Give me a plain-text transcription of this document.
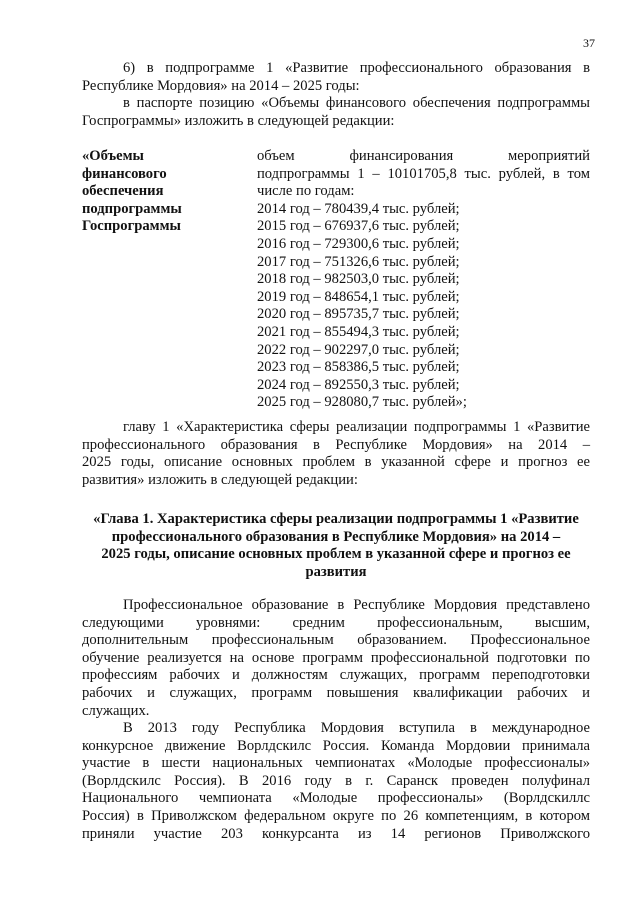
37

6) в подпрограмме 1 «Развитие профессионального образования в

Республике Мордовия» на 2014 – 2025 годы:

в паспорте позицию «Объемы финансового обеспечения подпрограммы

Госпрограммы» изложить в следующей редакции:

«Объемы
финансового
обеспечения
подпрограммы
Госпрограммы
объем финансирования мероприятий
подпрограммы 1 – 10101705,8 тыс. рублей, в том
числе по годам:
2014 год – 780439,4 тыс. рублей;
2015 год – 676937,6 тыс. рублей;
2016 год – 729300,6 тыс. рублей;
2017 год – 751326,6 тыс. рублей;
2018 год – 982503,0 тыс. рублей;
2019 год – 848654,1 тыс. рублей;
2020 год – 895735,7 тыс. рублей;
2021 год – 855494,3 тыс. рублей;
2022 год – 902297,0 тыс. рублей;
2023 год – 858386,5 тыс. рублей;
2024 год – 892550,3 тыс. рублей;
2025 год – 928080,7 тыс. рублей»;

главу 1 «Характеристика сферы реализации подпрограммы 1 «Развитие

профессионального образования в Республике Мордовия» на 2014 –

2025 годы, описание основных проблем в указанной сфере и прогноз ее

развития» изложить в следующей редакции:

«Глава 1. Характеристика сферы реализации подпрограммы 1 «Развитие
профессионального образования в Республике Мордовия» на 2014 –
2025 годы, описание основных проблем в указанной сфере и прогноз ее
развития

Профессиональное образование в Республике Мордовия представлено

следующими уровнями: средним профессиональным, высшим,

дополнительным профессиональным образованием. Профессиональное

обучение реализуется на основе программ профессиональной подготовки по

профессиям рабочих и должностям служащих, программ переподготовки

рабочих и служащих, программ повышения квалификации рабочих и

служащих.

В 2013 году Республика Мордовия вступила в международное

конкурсное движение Ворлдскилс Россия. Команда Мордовии принимала

участие в шести национальных чемпионатах «Молодые профессионалы»

(Ворлдскилс Россия). В 2016 году в г. Саранск проведен полуфинал

Национального чемпионата «Молодые профессионалы» (Ворлдскиллс

Россия) в Приволжском федеральном округе по 26 компетенциям, в котором

приняли участие 203 конкурсанта из 14 регионов Приволжского
